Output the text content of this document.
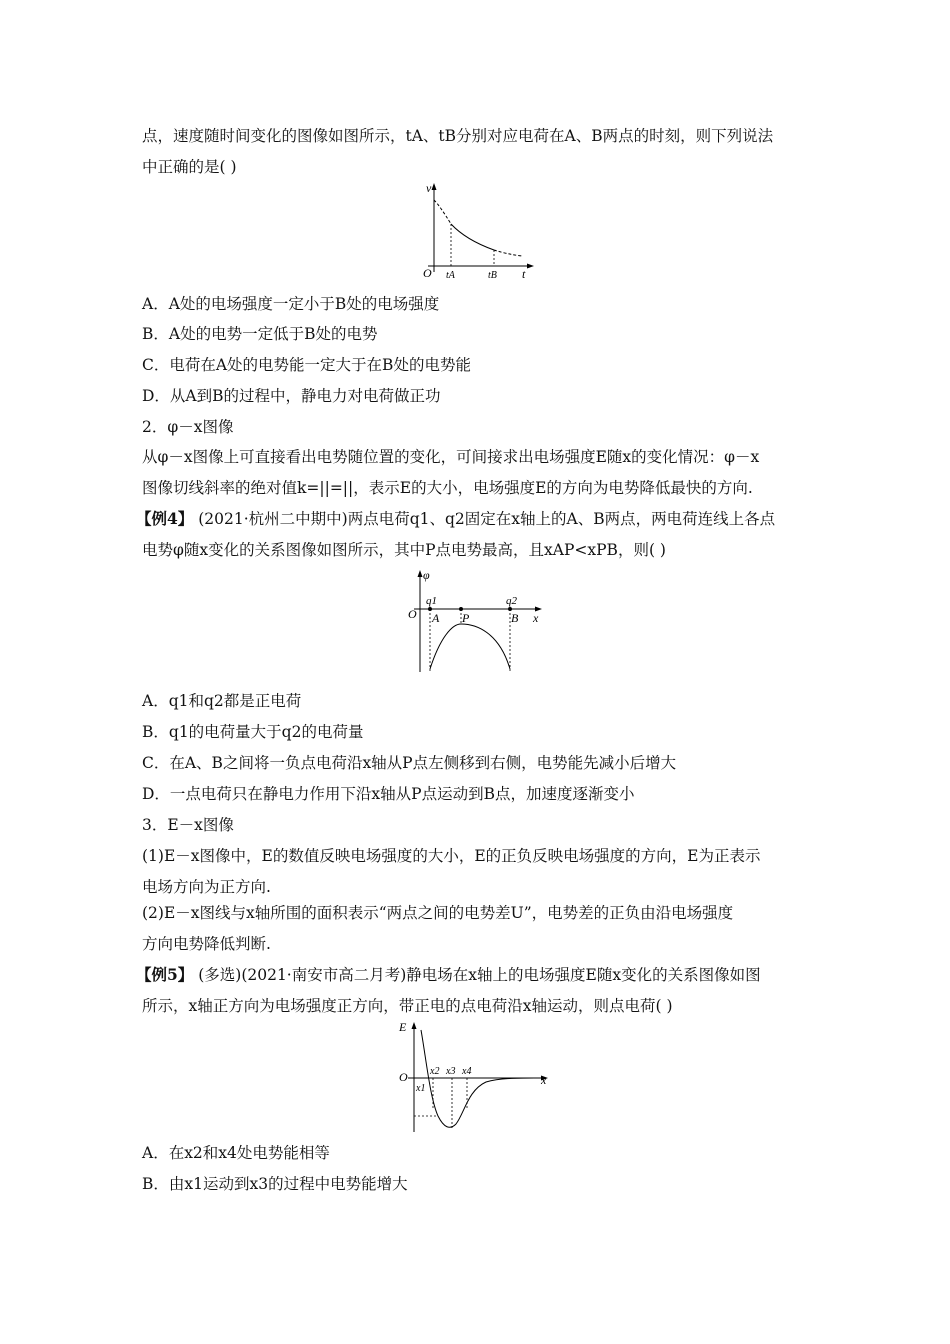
点，速度随时间变化的图像如图所示，tA、tB分别对应电荷在A、B两点的时刻，则下列说法
中正确的是( )
v
O tA	tB t
A．A处的电场强度一定小于B处的电场强度
B．A处的电势一定低于B处的电势
C．电荷在A处的电势能一定大于在B处的电势能
D．从A到B的过程中，静电力对电荷做正功
2．φ－x图像
从φ－x图像上可直接看出电势随位置的变化，可间接求出电场强度E随x的变化情况：φ－x
图像切线斜率的绝对值k=||=||，表示E的大小，电场强度E的方向为电势降低最快的方向.
【例4】 (2021·杭州二中期中)两点电荷q1、q2固定在x轴上的A、B两点，两电荷连线上各点
电势φ随x变化的关系图像如图所示，其中P点电势最高，且xAP<xPB，则( )
φ
O
q1	q2
A P	B x
A．q1和q2都是正电荷
B．q1的电荷量大于q2的电荷量
C．在A、B之间将一负点电荷沿x轴从P点左侧移到右侧，电势能先减小后增大
D．一点电荷只在静电力作用下沿x轴从P点运动到B点，加速度逐渐变小
3．E－x图像
(1)E－x图像中，E的数值反映电场强度的大小，E的正负反映电场强度的方向，E为正表示
电场方向为正方向.
(2)E－x图线与x轴所围的面积表示“两点之间的电势差U”，电势差的正负由沿电场强度
方向电势降低判断.
【例5】 (多选)(2021·南安市高二月考)静电场在x轴上的电场强度E随x变化的关系图像如图
所示，x轴正方向为电场强度正方向，带正电的点电荷沿x轴运动，则点电荷( )
E
O
x1
x2 x3 x4
x
A．在x2和x4处电势能相等
B．由x1运动到x3的过程中电势能增大
